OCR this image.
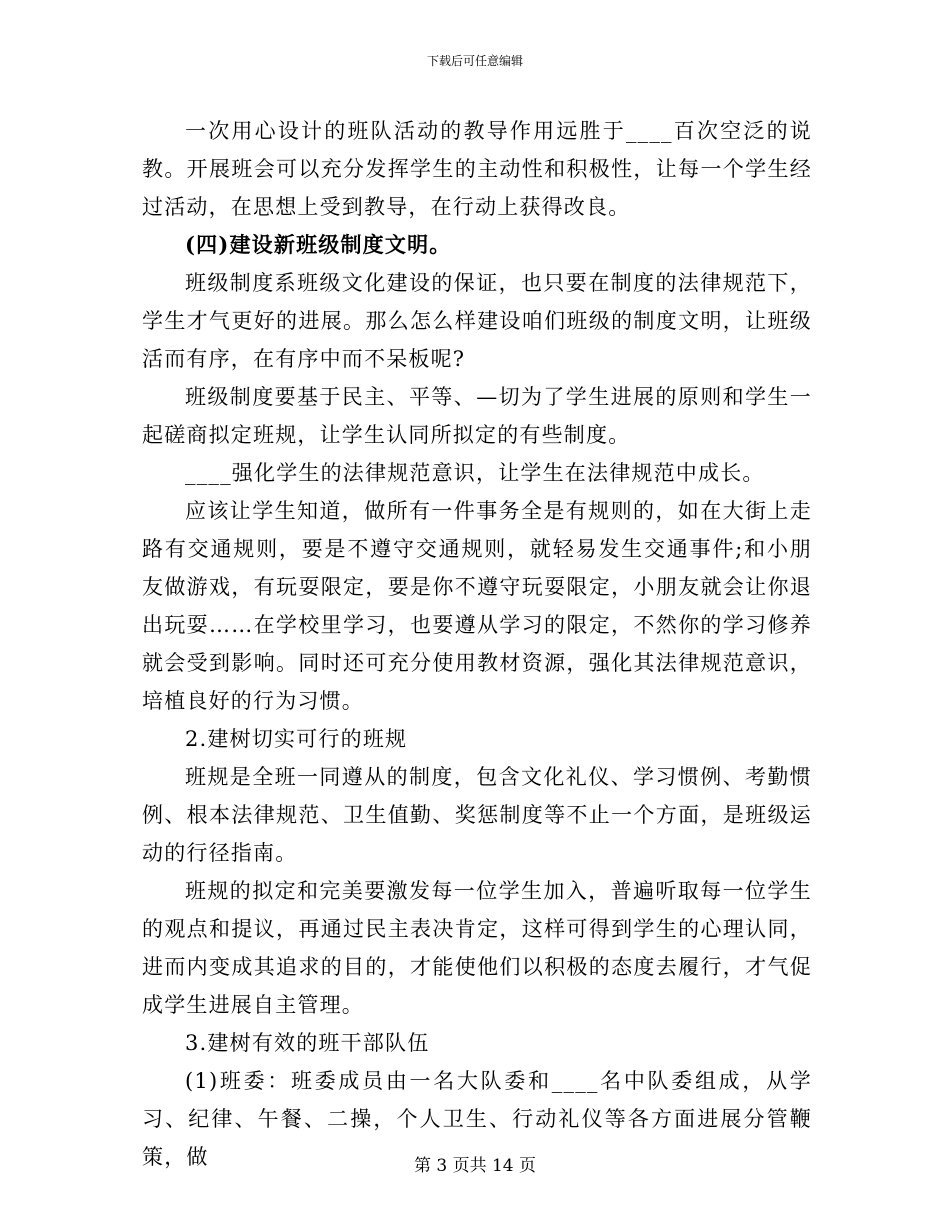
下载后可任意编辑

一次用心设计的班队活动的教导作用远胜于____百次空泛的说教。开展班会可以充分发挥学生的主动性和积极性，让每一个学生经过活动，在思想上受到教导，在行动上获得改良。

(四)建设新班级制度文明。

班级制度系班级文化建设的保证，也只要在制度的法律规范下，学生才气更好的进展。那么怎么样建设咱们班级的制度文明，让班级活而有序，在有序中而不呆板呢?

班级制度要基于民主、平等、—切为了学生进展的原则和学生一起磋商拟定班规，让学生认同所拟定的有些制度。

____强化学生的法律规范意识，让学生在法律规范中成长。

应该让学生知道，做所有一件事务全是有规则的，如在大街上走路有交通规则，要是不遵守交通规则，就轻易发生交通事件;和小朋友做游戏，有玩耍限定，要是你不遵守玩耍限定，小朋友就会让你退出玩耍……在学校里学习，也要遵从学习的限定，不然你的学习修养就会受到影响。同时还可充分使用教材资源，强化其法律规范意识，培植良好的行为习惯。

2.建树切实可行的班规

班规是全班一同遵从的制度，包含文化礼仪、学习惯例、考勤惯例、根本法律规范、卫生值勤、奖惩制度等不止一个方面，是班级运动的行径指南。

班规的拟定和完美要激发每一位学生加入，普遍听取每一位学生的观点和提议，再通过民主表决肯定，这样可得到学生的心理认同，进而内变成其追求的目的，才能使他们以积极的态度去履行，才气促成学生进展自主管理。

3.建树有效的班干部队伍

(1)班委：班委成员由一名大队委和____名中队委组成，从学习、纪律、午餐、二操，个人卫生、行动礼仪等各方面进展分管鞭策，做	第 3 页共 14 页
